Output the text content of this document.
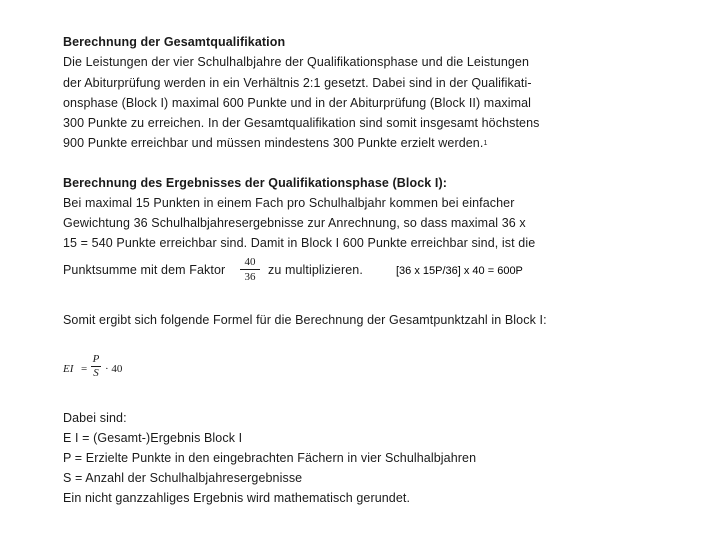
Berechnung der Gesamtqualifikation
Die Leistungen der vier Schulhalbjahre der Qualifikationsphase und die Leistungen
der Abiturprüfung werden in ein Verhältnis 2:1 gesetzt. Dabei sind in der Qualifikati-
onsphase (Block I) maximal 600 Punkte und in der Abiturprüfung (Block II) maximal
300 Punkte zu erreichen. In der Gesamtqualifikation sind somit insgesamt höchstens
900 Punkte erreichbar und müssen mindestens 300 Punkte erzielt werden.$^1$
Berechnung des Ergebnisses der Qualifikationsphase (Block I):
Bei maximal 15 Punkten in einem Fach pro Schulhalbjahr kommen bei einfacher
Gewichtung 36 Schulhalbjahresergebnisse zur Anrechnung, so dass maximal 36 x
15 = 540 Punkte erreichbar sind. Damit in Block I 600 Punkte erreichbar sind, ist die
Punktsumme mit dem Faktor
40
36	zu multiplizieren.	[36 x 15P/36] x 40 = 600P
Somit ergibt sich folgende Formel für die Berechnung der Gesamtpunktzahl in Block I:
EI =
P
S · 40
Dabei sind:
E I = (Gesamt-)Ergebnis Block I
P = Erzielte Punkte in den eingebrachten Fächern in vier Schulhalbjahren
S = Anzahl der Schulhalbjahresergebnisse
Ein nicht ganzzahliges Ergebnis wird mathematisch gerundet.
